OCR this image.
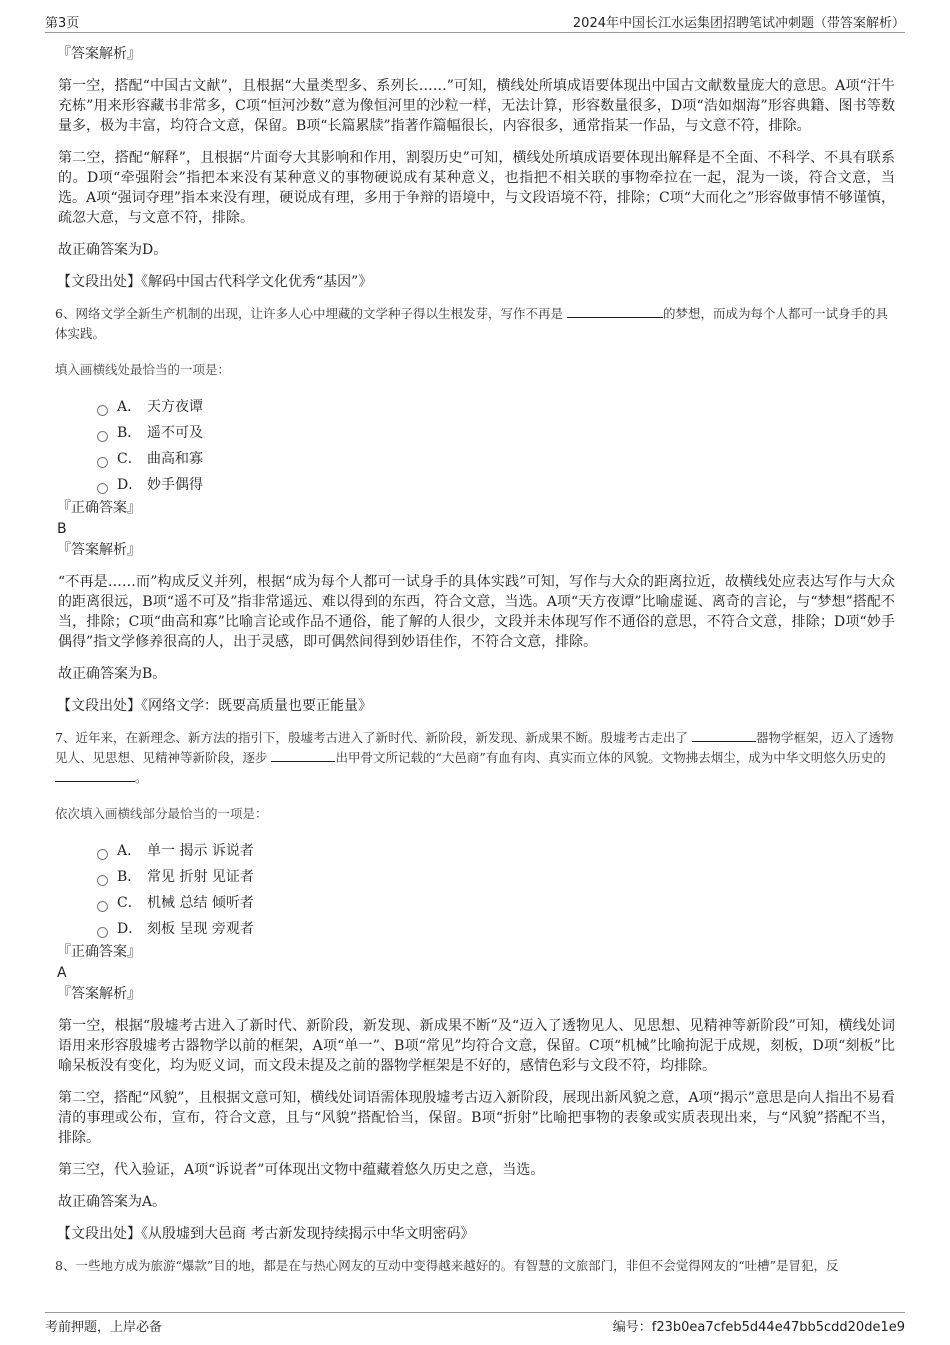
第3页	2024年中国长江水运集团招聘笔试冲刺题（带答案解析）
『答案解析』

第一空，搭配“中国古文献”，且根据“大量类型多、系列长……”可知，横线处所填成语要体现出中国古文献数量庞大的意思。A项“汗牛充栋”用来形容藏书非常多，C项“恒河沙数”意为像恒河里的沙粒一样，无法计算，形容数量很多，D项“浩如烟海”形容典籍、图书等数量多，极为丰富，均符合文意，保留。B项“长篇累牍”指著作篇幅很长，内容很多，通常指某一作品，与文意不符，排除。

第二空，搭配“解释”，且根据“片面夸大其影响和作用，割裂历史”可知，横线处所填成语要体现出解释是不全面、不科学、不具有联系的。D项“牵强附会”指把本来没有某种意义的事物硬说成有某种意义，也指把不相关联的事物牵拉在一起，混为一谈，符合文意，当选。A项“强词夺理”指本来没有理，硬说成有理，多用于争辩的语境中，与文段语境不符，排除；C项“大而化之”形容做事情不够谨慎，疏忽大意，与文意不符，排除。

故正确答案为D。

【文段出处】《解码中国古代科学文化优秀“基因”》

6、网络文学全新生产机制的出现，让许多人心中埋藏的文学种子得以生根发芽，写作不再是	的梦想，而成为每个人都可一试身手的具体实践。

填入画横线处最恰当的一项是：

A． 天方夜谭
B． 遥不可及
C． 曲高和寡
D． 妙手偶得
『正确答案』
B
『答案解析』

“不再是……而”构成反义并列，根据“成为每个人都可一试身手的具体实践”可知，写作与大众的距离拉近，故横线处应表达写作与大众的距离很远，B项“遥不可及”指非常遥远、难以得到的东西，符合文意，当选。A项“天方夜谭”比喻虚诞、离奇的言论，与“梦想”搭配不当，排除；C项“曲高和寡”比喻言论或作品不通俗，能了解的人很少，文段并未体现写作不通俗的意思，不符合文意，排除；D项“妙手偶得”指文学修养很高的人，出于灵感，即可偶然间得到妙语佳作，不符合文意，排除。

故正确答案为B。

【文段出处】《网络文学：既要高质量也要正能量》

7、近年来，在新理念、新方法的指引下，殷墟考古进入了新时代、新阶段，新发现、新成果不断。殷墟考古走出了	器物学框架，迈入了透物见人、见思想、见精神等新阶段，逐步	出甲骨文所记载的“大邑商”有血有肉、真实而立体的风貌。文物拂去烟尘，成为中华文明悠久历史的 。

依次填入画横线部分最恰当的一项是：

A． 单一 揭示 诉说者
B． 常见 折射 见证者
C． 机械 总结 倾听者
D． 刻板 呈现 旁观者
『正确答案』
A
『答案解析』

第一空，根据“殷墟考古进入了新时代、新阶段，新发现、新成果不断”及“迈入了透物见人、见思想、见精神等新阶段”可知，横线处词语用来形容殷墟考古器物学以前的框架，A项“单一”、B项“常见”均符合文意，保留。C项“机械”比喻拘泥于成规，刻板，D项“刻板”比喻呆板没有变化，均为贬义词，而文段未提及之前的器物学框架是不好的，感情色彩与文段不符，均排除。

第二空，搭配“风貌”，且根据文意可知，横线处词语需体现殷墟考古迈入新阶段，展现出新风貌之意，A项“揭示”意思是向人指出不易看清的事理或公布，宣布，符合文意，且与“风貌”搭配恰当，保留。B项“折射”比喻把事物的表象或实质表现出来，与“风貌”搭配不当，排除。

第三空，代入验证，A项“诉说者”可体现出文物中蕴藏着悠久历史之意，当选。

故正确答案为A。

【文段出处】《从殷墟到大邑商 考古新发现持续揭示中华文明密码》

8、一些地方成为旅游“爆款”目的地，都是在与热心网友的互动中变得越来越好的。有智慧的文旅部门，非但不会觉得网友的“吐槽”是冒犯，反

考前押题，上岸必备	编号：f23b0ea7cfeb5d44e47bb5cdd20de1e9
